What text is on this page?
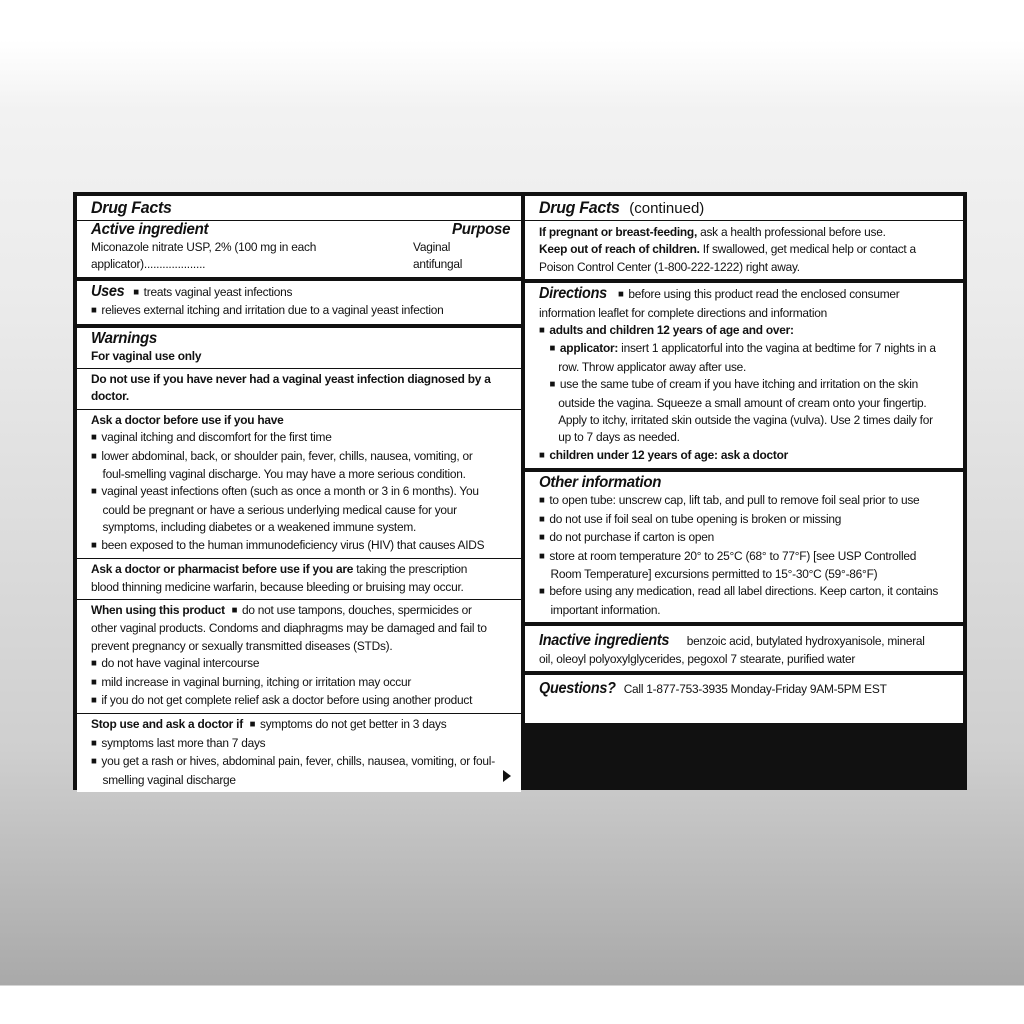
Drug Facts
Active ingredient	Purpose
Miconazole nitrate USP, 2% (100 mg in each applicator)....................
Vaginal antifungal
Uses ■ treats vaginal yeast infections
■ relieves external itching and irritation due to a vaginal yeast infection
Warnings
For vaginal use only
Do not use if you have never had a vaginal yeast infection diagnosed by a doctor.
Ask a doctor before use if you have
■ vaginal itching and discomfort for the first time
■ lower abdominal, back, or shoulder pain, fever, chills, nausea, vomiting, or foul-smelling vaginal discharge. You may have a more serious condition.
■ vaginal yeast infections often (such as once a month or 3 in 6 months). You could be pregnant or have a serious underlying medical cause for your symptoms, including diabetes or a weakened immune system.
■ been exposed to the human immunodeficiency virus (HIV) that causes AIDS
Ask a doctor or pharmacist before use if you are taking the prescription blood thinning medicine warfarin, because bleeding or bruising may occur.
When using this product ■ do not use tampons, douches, spermicides or other vaginal products. Condoms and diaphragms may be damaged and fail to prevent pregnancy or sexually transmitted diseases (STDs).
■ do not have vaginal intercourse
■ mild increase in vaginal burning, itching or irritation may occur
■ if you do not get complete relief ask a doctor before using another product
Stop use and ask a doctor if ■ symptoms do not get better in 3 days
■ symptoms last more than 7 days
■ you get a rash or hives, abdominal pain, fever, chills, nausea, vomiting, or foul-smelling vaginal discharge
Drug Facts (continued)
If pregnant or breast-feeding, ask a health professional before use.
Keep out of reach of children. If swallowed, get medical help or contact a Poison Control Center (1-800-222-1222) right away.
Directions ■ before using this product read the enclosed consumer information leaflet for complete directions and information
■ adults and children 12 years of age and over:
■ applicator: insert 1 applicatorful into the vagina at bedtime for 7 nights in a row. Throw applicator away after use.
■ use the same tube of cream if you have itching and irritation on the skin outside the vagina. Squeeze a small amount of cream onto your fingertip. Apply to itchy, irritated skin outside the vagina (vulva). Use 2 times daily for up to 7 days as needed.
■ children under 12 years of age: ask a doctor
Other information
■ to open tube: unscrew cap, lift tab, and pull to remove foil seal prior to use
■ do not use if foil seal on tube opening is broken or missing
■ do not purchase if carton is open
■ store at room temperature 20° to 25°C (68° to 77°F) [see USP Controlled Room Temperature] excursions permitted to 15°-30°C (59°-86°F)
■ before using any medication, read all label directions. Keep carton, it contains important information.
Inactive ingredients benzoic acid, butylated hydroxyanisole, mineral oil, oleoyl polyoxylglycerides, pegoxol 7 stearate, purified water
Questions? Call 1-877-753-3935 Monday-Friday 9AM-5PM EST
